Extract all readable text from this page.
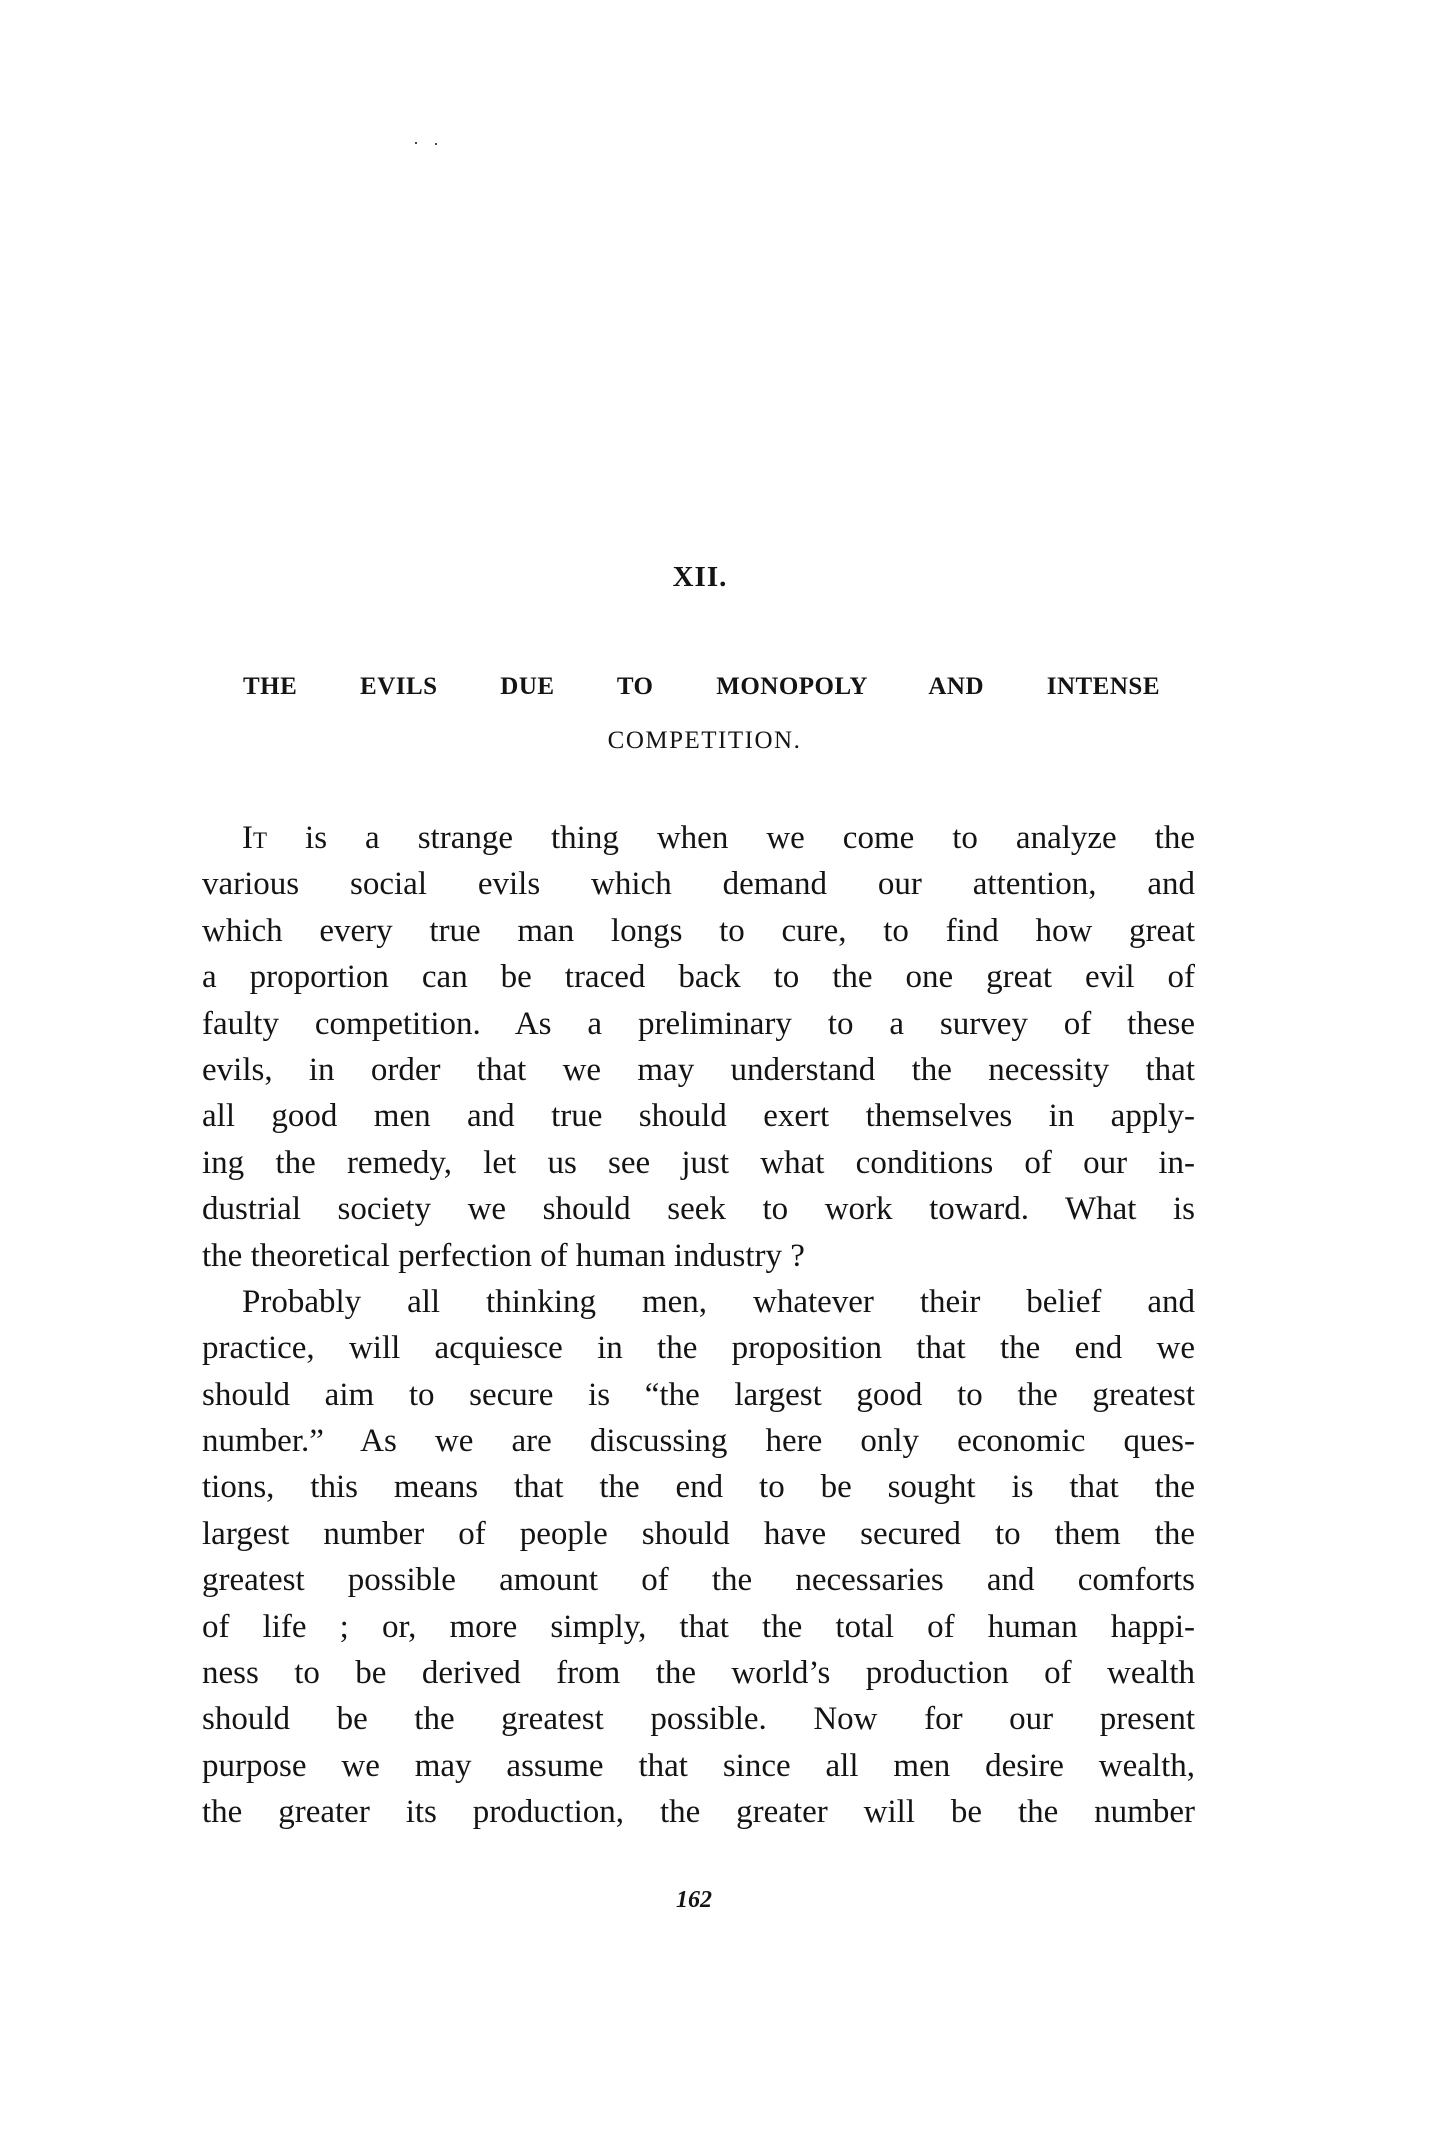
XII.
THE EVILS DUE TO MONOPOLY AND INTENSE
COMPETITION.
It is a strange thing when we come to analyze the
various social evils which demand our attention, and
which every true man longs to cure, to find how great
a proportion can be traced back to the one great evil of
faulty competition. As a preliminary to a survey of these
evils, in order that we may understand the necessity that
all good men and true should exert themselves in apply-
ing the remedy, let us see just what conditions of our in-
dustrial society we should seek to work toward. What is
the theoretical perfection of human industry ?
Probably all thinking men, whatever their belief and
practice, will acquiesce in the proposition that the end we
should aim to secure is “the largest good to the greatest
number.” As we are discussing here only economic ques-
tions, this means that the end to be sought is that the
largest number of people should have secured to them the
greatest possible amount of the necessaries and comforts
of life ; or, more simply, that the total of human happi-
ness to be derived from the world’s production of wealth
should be the greatest possible. Now for our present
purpose we may assume that since all men desire wealth,
the greater its production, the greater will be the number
162
